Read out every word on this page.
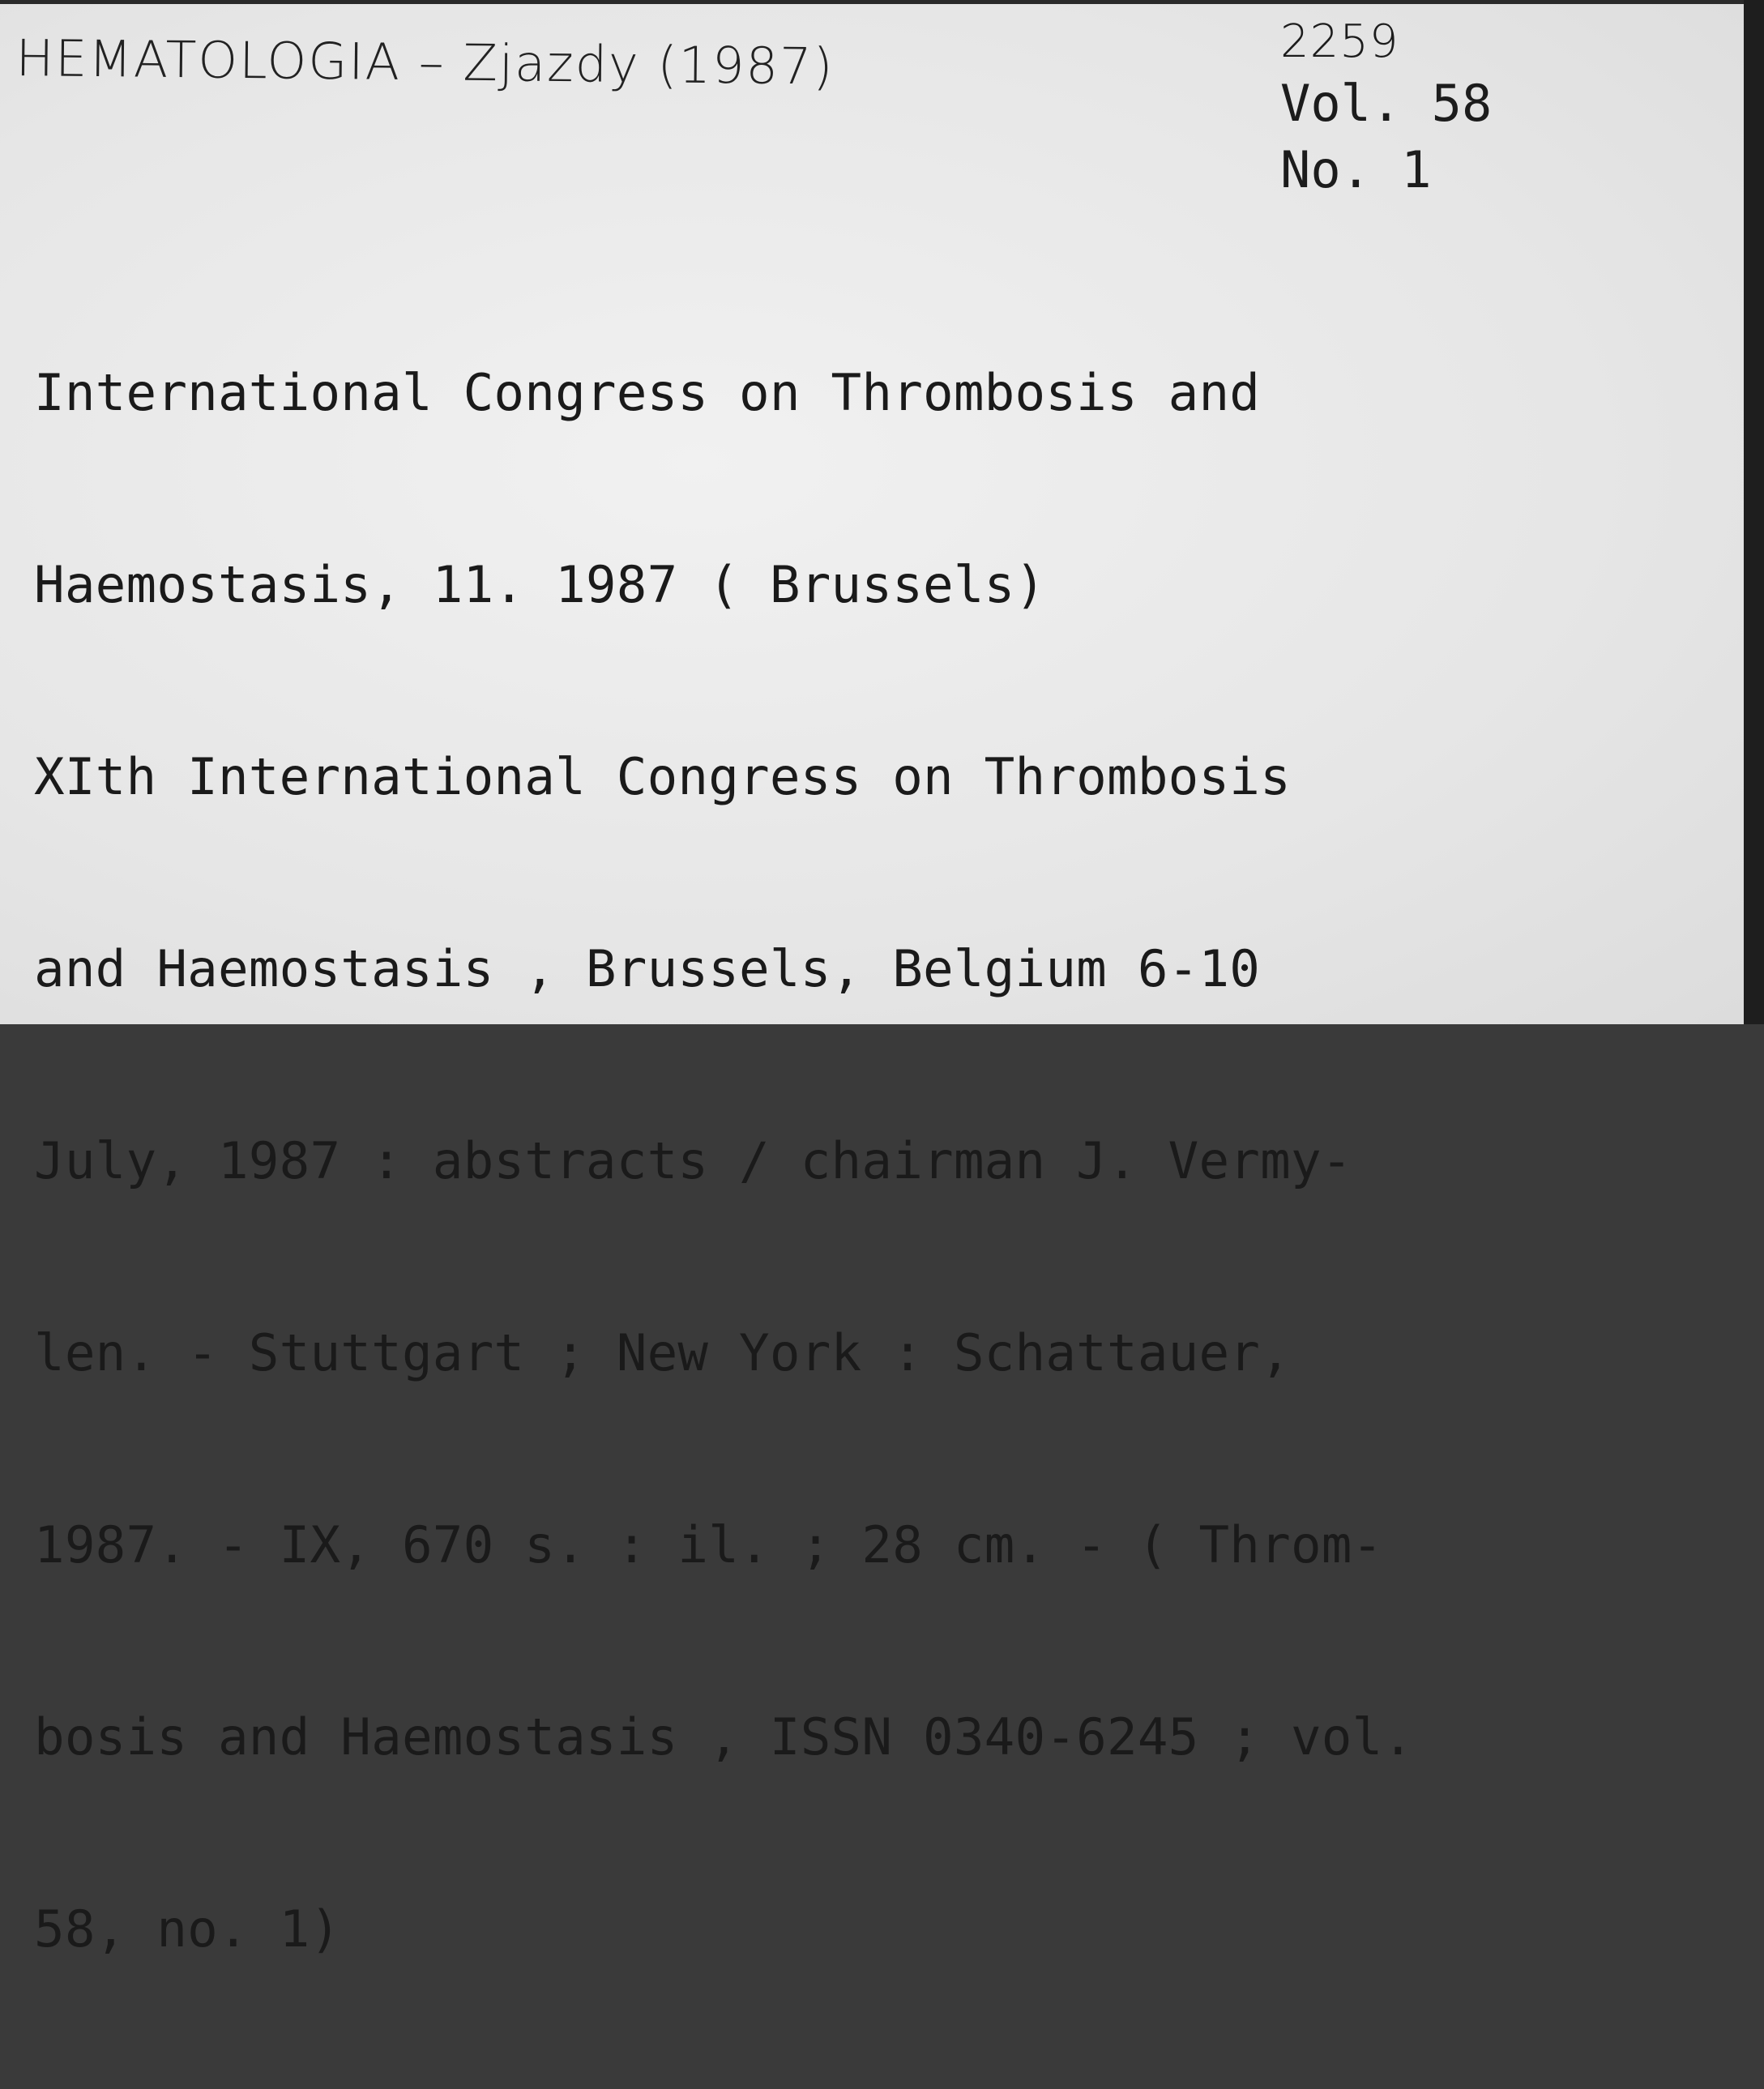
HEMATOLOGIA – Zjazdy (1987)	2259
Vol. 58
No. 1

International Congress on Thrombosis and

Haemostasis, 11. 1987 ( Brussels)

XIth International Congress on Thrombosis

and Haemostasis , Brussels, Belgium 6-10

July, 1987 : abstracts / chairman J. Vermy-

len. - Stuttgart ; New York : Schattauer,

1987. - IX, 670 s. : il. ; 28 cm. - ( Throm-

bosis and Haemostasis , ISSN 0340-6245 ; vol.

58, no. 1)
